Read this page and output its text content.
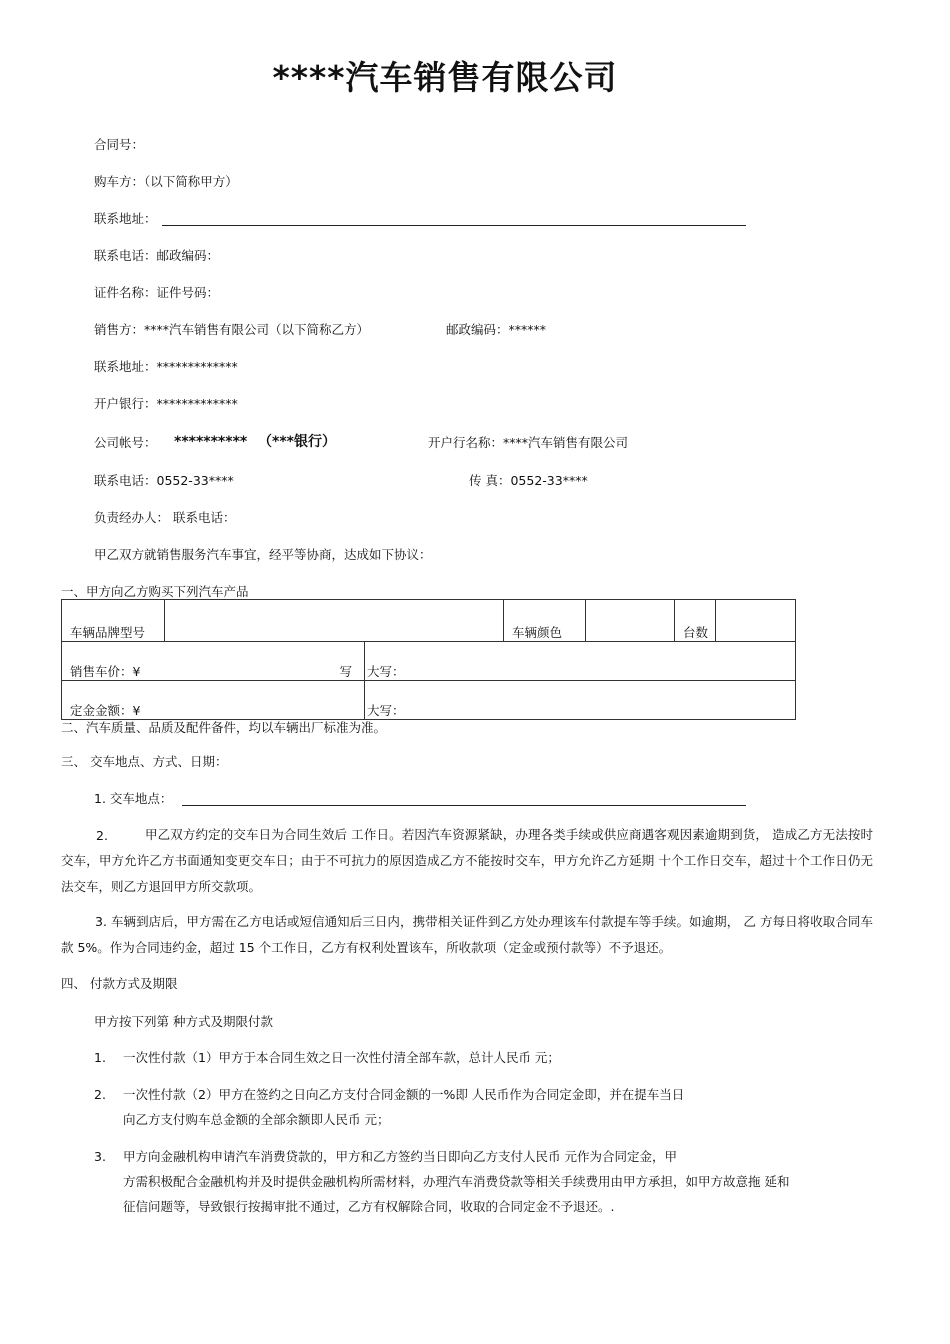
****汽车销售有限公司
合同号：
购车方：（以下简称甲方）
联系地址：
联系电话：邮政编码：
证件名称：证件号码：
销售方：****汽车销售有限公司（以下简称乙方）	邮政编码：******
联系地址：*************
开户银行：*************
公司帐号： ********** （***银行）	开户行名称：****汽车销售有限公司
联系电话：0552-33****	传 真：0552-33****
负责经办人： 联系电话：
甲乙双方就销售服务汽车事宜，经平等协商，达成如下协议：
一、甲方向乙方购买下列汽车产品
车辆品牌型号				车辆颜色		台数	
销售车价：¥		写	大写：				
定金金额：¥			大写：				
二、汽车质量、品质及配件备件，均以车辆出厂标准为准。
三、 交车地点、方式、日期：
1. 交车地点：
2.	甲乙双方约定的交车日为合同生效后 工作日。若因汽车资源紧缺，办理各类手续或供应商遇客观因素逾期到货， 造成乙方无法按时交车，甲方允许乙方书面通知变更交车日；由于不可抗力的原因造成乙方不能按时交车，甲方允许乙方延期 十个工作日交车，超过十个工作日仍无法交车，则乙方退回甲方所交款项。
3. 车辆到店后，甲方需在乙方电话或短信通知后三日内，携带相关证件到乙方处办理该车付款提车等手续。如逾期， 乙 方每日将收取合同车款 5%。作为合同违约金，超过 15 个工作日，乙方有权利处置该车，所收款项（定金或预付款等）不予退还。
四、 付款方式及期限
甲方按下列第 种方式及期限付款
1. 一次性付款（1）甲方于本合同生效之日一次性付清全部车款，总计人民币 元；
2. 一次性付款（2）甲方在签约之日向乙方支付合同金额的一%即 人民币作为合同定金即，并在提车当日
向乙方支付购车总金额的全部余额即人民币 元；
3. 甲方向金融机构申请汽车消费贷款的，甲方和乙方签约当日即向乙方支付人民币 元作为合同定金，甲
方需积极配合金融机构并及时提供金融机构所需材料，办理汽车消费贷款等相关手续费用由甲方承担，如甲方故意拖 延和
征信问题等，导致银行按揭审批不通过，乙方有权解除合同，收取的合同定金不予退还。.
